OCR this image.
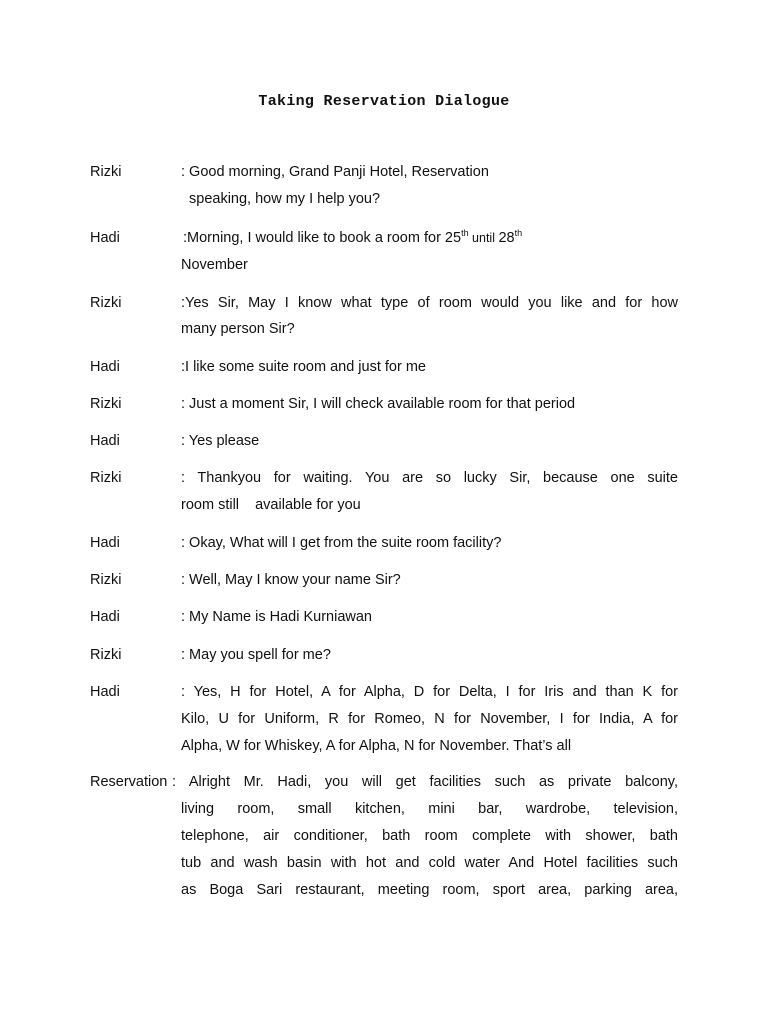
Taking Reservation Dialogue
Rizki	: Good morning, Grand Panji Hotel, Reservation
speaking, how my I help you?
Hadi	:Morning, I would like to book a room for 25th until 28th
November
Rizki	:Yes Sir, May I know what type of room would you like and for how
many person Sir?
Hadi	:I like some suite room and just for me
Rizki	: Just a moment Sir, I will check available room for that period
Hadi	: Yes please
Rizki	: Thankyou for waiting. You are so lucky Sir, because one suite
room still    available for you
Hadi	: Okay, What will I get from the suite room facility?
Rizki	: Well, May I know your name Sir?
Hadi	: My Name is Hadi Kurniawan
Rizki	: May you spell for me?
Hadi	: Yes, H for Hotel, A for Alpha, D for Delta, I for Iris and than K for
Kilo, U for Uniform, R for Romeo, N for November, I for India, A for
Alpha, W for Whiskey, A for Alpha, N for November. That’s all
Reservation : Alright Mr. Hadi, you will get facilities such as private balcony,
living room, small kitchen, mini bar, wardrobe, television,
telephone, air conditioner, bath room complete with shower, bath
tub and wash basin with hot and cold water And Hotel facilities such
as Boga Sari restaurant, meeting room, sport area, parking area,
